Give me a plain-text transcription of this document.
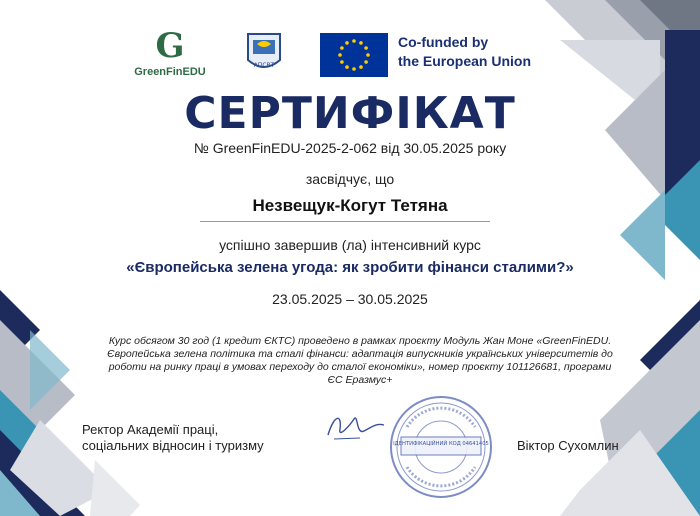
G
GreenFinEDU
АПСВТ
Co-funded by
the European Union
СЕРТИФІКАТ
№ GreenFinEDU-2025-2-062 від 30.05.2025 року
засвідчує, що
Незвещук-Когут Тетяна
успішно завершив (ла) інтенсивний курс
«Європейська зелена угода: як зробити фінанси сталими?»
23.05.2025 – 30.05.2025
Курс обсягом 30 год (1 кредит ЄКТС) проведено в рамках проєкту Модуль Жан Моне «GreenFinEDU. Європейська зелена політика та сталі фінанси: адаптація випускників українських університетів до роботи на ринку праці в умовах переходу до сталої економіки», номер проєкту 101126681, програми ЄС Еразмус+
Ректор Академії праці,
соціальних відносин і туризму	ІДЕНТИФІКАЦІЙНИЙ КОД 04641405 Віктор Сухомлин
